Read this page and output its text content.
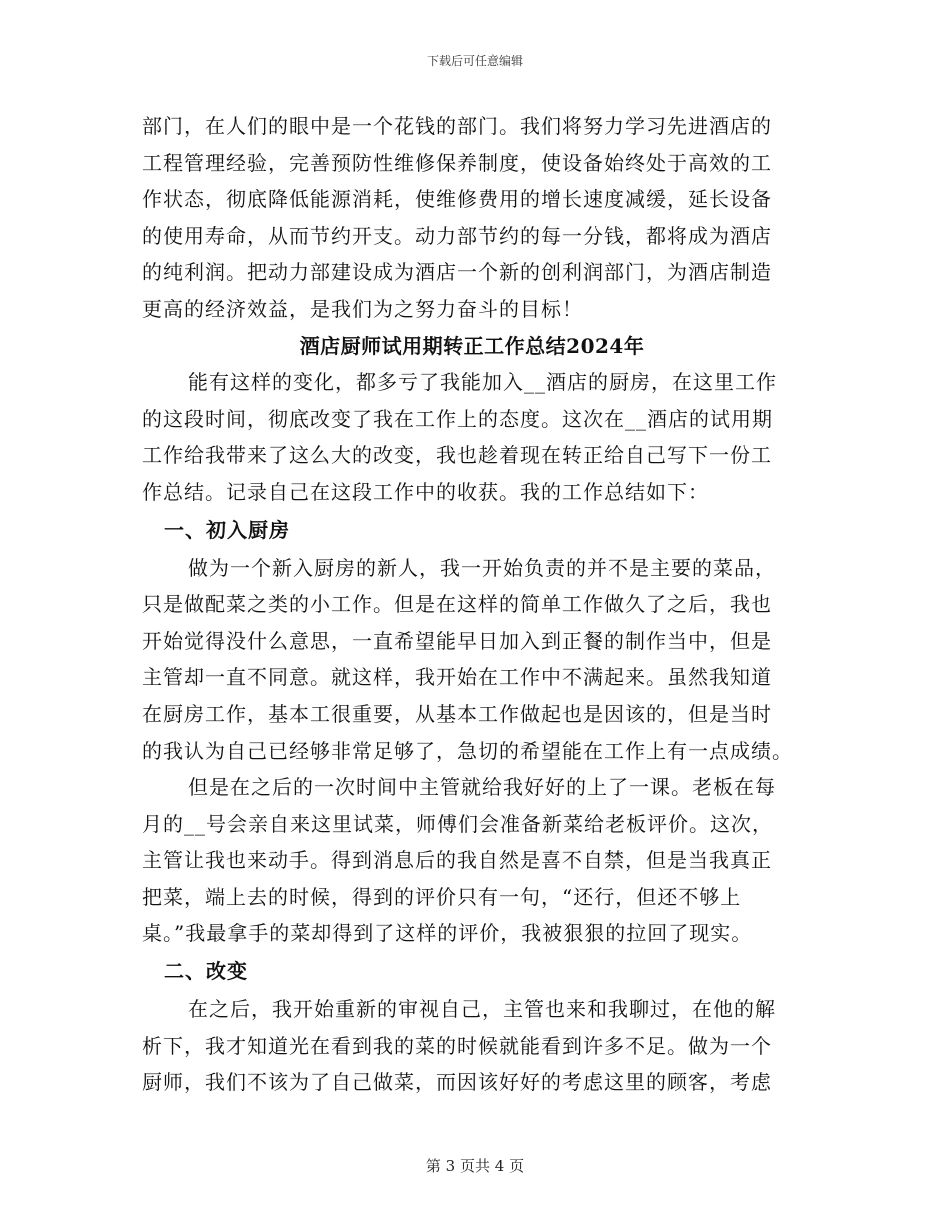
下载后可任意编辑
部门，在人们的眼中是一个花钱的部门。我们将努力学习先进酒店的
工程管理经验，完善预防性维修保养制度，使设备始终处于高效的工
作状态，彻底降低能源消耗，使维修费用的增长速度减缓，延长设备
的使用寿命，从而节约开支。动力部节约的每一分钱，都将成为酒店
的纯利润。把动力部建设成为酒店一个新的创利润部门，为酒店制造
更高的经济效益，是我们为之努力奋斗的目标！
酒店厨师试用期转正工作总结2024年
能有这样的变化，都多亏了我能加入__酒店的厨房，在这里工作
的这段时间，彻底改变了我在工作上的态度。这次在__酒店的试用期
工作给我带来了这么大的改变，我也趁着现在转正给自己写下一份工
作总结。记录自己在这段工作中的收获。我的工作总结如下：
一、初入厨房
做为一个新入厨房的新人，我一开始负责的并不是主要的菜品，
只是做配菜之类的小工作。但是在这样的简单工作做久了之后，我也
开始觉得没什么意思，一直希望能早日加入到正餐的制作当中，但是
主管却一直不同意。就这样，我开始在工作中不满起来。虽然我知道
在厨房工作，基本工很重要，从基本工作做起也是因该的，但是当时
的我认为自己已经够非常足够了，急切的希望能在工作上有一点成绩。
但是在之后的一次时间中主管就给我好好的上了一课。老板在每
月的__号会亲自来这里试菜，师傅们会准备新菜给老板评价。这次，
主管让我也来动手。得到消息后的我自然是喜不自禁，但是当我真正
把菜，端上去的时候，得到的评价只有一句，“还行，但还不够上
桌。”我最拿手的菜却得到了这样的评价，我被狠狠的拉回了现实。
二、改变
在之后，我开始重新的审视自己，主管也来和我聊过，在他的解
析下，我才知道光在看到我的菜的时候就能看到许多不足。做为一个
厨师，我们不该为了自己做菜，而因该好好的考虑这里的顾客，考虑
第 3 页共 4 页
